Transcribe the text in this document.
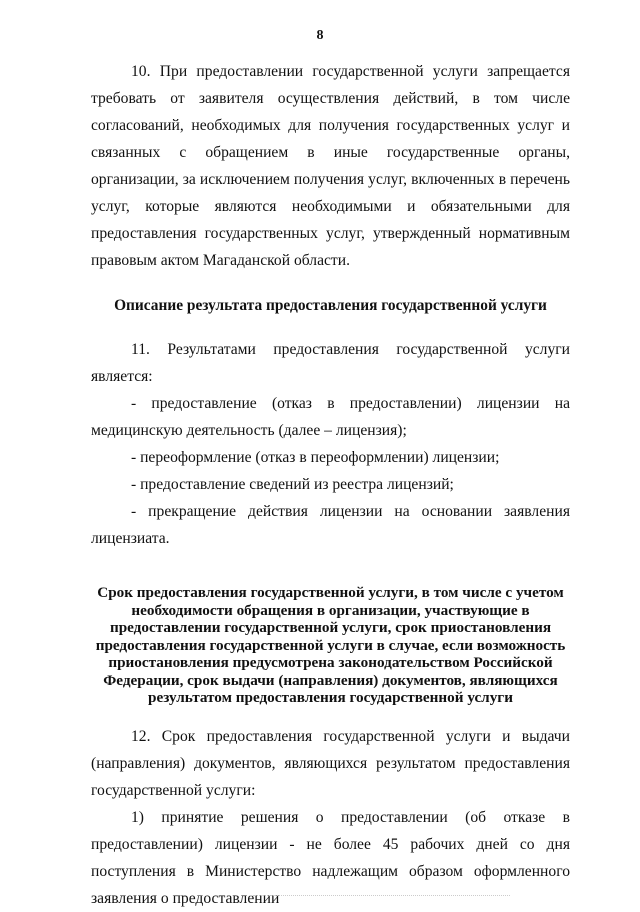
8

10. При предоставлении государственной услуги запрещается требовать от заявителя осуществления действий, в том числе согласований, необходимых для получения государственных услуг и связанных с обращением в иные государственные органы, организации, за исключением получения услуг, включенных в перечень услуг, которые являются необходимыми и обязательными для предоставления государственных услуг, утвержденный нормативным правовым актом Магаданской области.

Описание результата предоставления государственной услуги

11. Результатами предоставления государственной услуги является:

- предоставление (отказ в предоставлении) лицензии на медицинскую деятельность (далее – лицензия);

- переоформление (отказ в переоформлении) лицензии;

- предоставление сведений из реестра лицензий;

- прекращение действия лицензии на основании заявления лицензиата.

Срок предоставления государственной услуги, в том числе с учетом необходимости обращения в организации, участвующие в предоставлении государственной услуги, срок приостановления предоставления государственной услуги в случае, если возможность приостановления предусмотрена законодательством Российской Федерации, срок выдачи (направления) документов, являющихся результатом предоставления государственной услуги

12. Срок предоставления государственной услуги и выдачи (направления) документов, являющихся результатом предоставления государственной услуги:

1) принятие решения о предоставлении (об отказе в предоставлении) лицензии - не более 45 рабочих дней со дня поступления в Министерство надлежащим образом оформленного заявления о предоставлении
